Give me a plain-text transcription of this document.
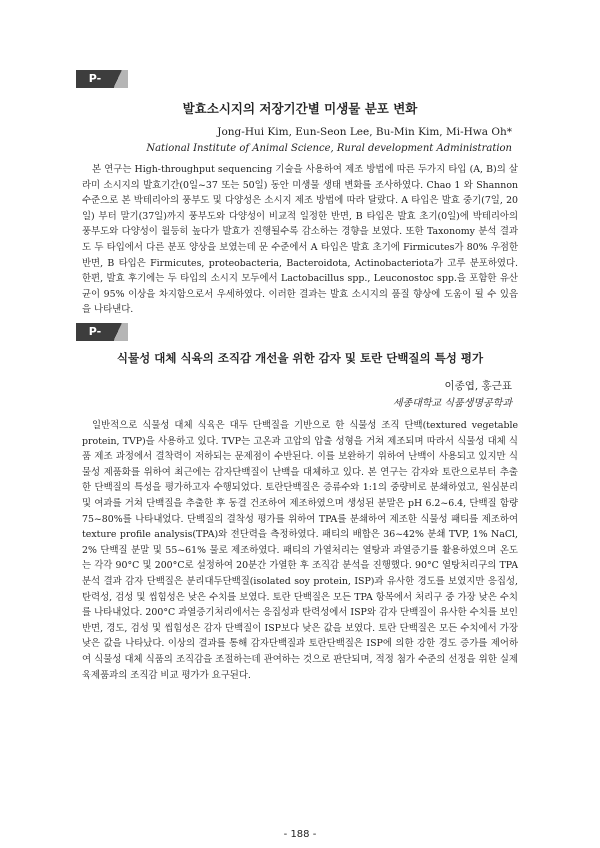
P-31
발효소시지의 저장기간별 미생물 분포 변화
Jong-Hui Kim, Eun-Seon Lee, Bu-Min Kim, Mi-Hwa Oh*
National Institute of Animal Science, Rural development Administration

본 연구는 High-throughput sequencing 기술을 사용하여 제조 방법에 따른 두가지 타입 (A, B)의 살라미 소시지의 발효기간(0일~37 또는 50일) 동안 미생물 생태 변화를 조사하였다. Chao 1 와 Shannon 수준으로 본 박테리아의 풍부도 및 다양성은 소시지 제조 방법에 따라 달랐다. A 타입은 발효 중기(7일, 20일) 부터 말기(37일)까지 풍부도와 다양성이 비교적 일정한 반면, B 타입은 발효 초기(0일)에 박테리아의 풍부도와 다양성이 월등히 높다가 발효가 진행될수록 감소하는 경향을 보였다. 또한 Taxonomy 분석 결과도 두 타입에서 다른 분포 양상을 보였는데 문 수준에서 A 타입은 발효 초기에 Firmicutes가 80% 우점한 반면, B 타입은 Firmicutes, proteobacteria, Bacteroidota, Actinobacteriota가 고루 분포하였다. 한편, 발효 후기에는 두 타입의 소시지 모두에서 Lactobacillus spp., Leuconostoc spp.을 포함한 유산균이 95% 이상을 차지함으로서 우세하였다. 이러한 결과는 발효 소시지의 품질 향상에 도움이 될 수 있음을 나타낸다.

P-32
식물성 대체 식육의 조직감 개선을 위한 감자 및 토란 단백질의 특성 평가
이종엽, 홍근표
세종대학교 식품생명공학과

일반적으로 식물성 대체 식육은 대두 단백질을 기반으로 한 식물성 조직 단백(textured vegetable protein, TVP)을 사용하고 있다. TVP는 고온과 고압의 압출 성형을 거쳐 제조되며 따라서 식물성 대체 식품 제조 과정에서 결착력이 저하되는 문제점이 수반된다. 이를 보완하기 위하여 난백이 사용되고 있지만 식물성 제품화를 위하여 최근에는 감자단백질이 난백을 대체하고 있다. 본 연구는 감자와 토란으로부터 추출한 단백질의 특성을 평가하고자 수행되었다. 토란단백질은 증류수와 1:1의 중량비로 분쇄하였고, 원심분리 및 여과를 거쳐 단백질을 추출한 후 동결 건조하여 제조하였으며 생성된 분말은 pH 6.2~6.4, 단백질 함량 75~80%를 나타내었다. 단백질의 결착성 평가를 위하여 TPA를 분쇄하여 제조한 식물성 패티를 제조하여 texture profile analysis(TPA)와 전단력을 측정하였다. 패티의 배합은 36~42% 분쇄 TVP, 1% NaCl, 2% 단백질 분말 및 55~61% 물로 제조하였다. 패티의 가열처리는 열탕과 과열증기를 활용하였으며 온도는 각각 90°C 및 200°C로 설정하여 20분간 가열한 후 조직감 분석을 진행했다. 90°C 열탕처리구의 TPA분석 결과 감자 단백질은 분리대두단백질(isolated soy protein, ISP)과 유사한 경도를 보였지만 응집성, 탄력성, 검성 및 씹힘성은 낮은 수치를 보였다. 토란 단백질은 모든 TPA 항목에서 처리구 중 가장 낮은 수치를 나타내었다. 200°C 과열증기처리에서는 응집성과 탄력성에서 ISP와 감자 단백질이 유사한 수치를 보인 반면, 경도, 검성 및 씹힘성은 감자 단백질이 ISP보다 낮은 값을 보였다. 토란 단백질은 모든 수치에서 가장 낮은 값을 나타났다. 이상의 결과를 통해 감자단백질과 토란단백질은 ISP에 의한 강한 경도 증가를 제어하여 식물성 대체 식품의 조직감을 조절하는데 관여하는 것으로 판단되며, 적정 첨가 수준의 선정을 위한 실제 육제품과의 조직감 비교 평가가 요구된다.

- 188 -
